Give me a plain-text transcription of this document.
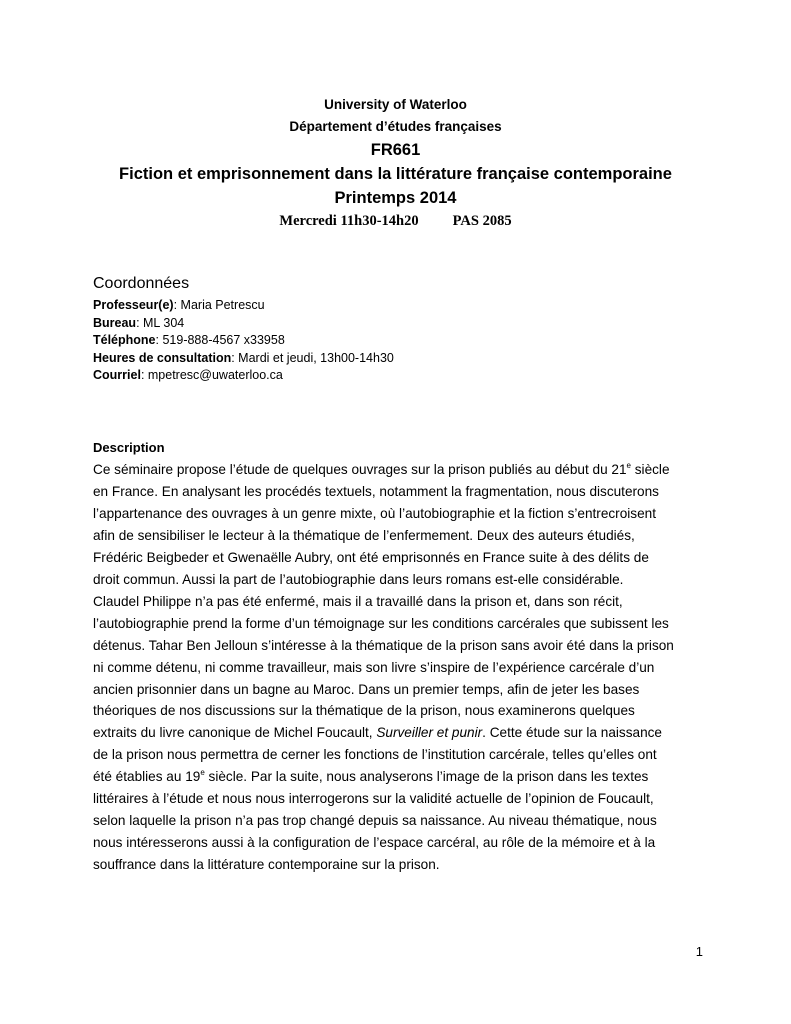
University of Waterloo
Département d’études françaises
FR661
Fiction et emprisonnement dans la littérature française contemporaine
Printemps 2014
Mercredi 11h30-14h20 PAS 2085
Coordonnées
Professeur(e): Maria Petrescu
Bureau: ML 304
Téléphone: 519-888-4567 x33958
Heures de consultation: Mardi et jeudi, 13h00-14h30
Courriel: mpetresc@uwaterloo.ca
Description
Ce séminaire propose l’étude de quelques ouvrages sur la prison publiés au début du 21e siècle
en France. En analysant les procédés textuels, notamment la fragmentation, nous discuterons
l’appartenance des ouvrages à un genre mixte, où l’autobiographie et la fiction s’entrecroisent
afin de sensibiliser le lecteur à la thématique de l’enfermement. Deux des auteurs étudiés,
Frédéric Beigbeder et Gwenaëlle Aubry, ont été emprisonnés en France suite à des délits de
droit commun. Aussi la part de l’autobiographie dans leurs romans est-elle considérable.
Claudel Philippe n’a pas été enfermé, mais il a travaillé dans la prison et, dans son récit,
l’autobiographie prend la forme d’un témoignage sur les conditions carcérales que subissent les
détenus. Tahar Ben Jelloun s’intéresse à la thématique de la prison sans avoir été dans la prison
ni comme détenu, ni comme travailleur, mais son livre s’inspire de l’expérience carcérale d’un
ancien prisonnier dans un bagne au Maroc. Dans un premier temps, afin de jeter les bases
théoriques de nos discussions sur la thématique de la prison, nous examinerons quelques
extraits du livre canonique de Michel Foucault, Surveiller et punir. Cette étude sur la naissance
de la prison nous permettra de cerner les fonctions de l’institution carcérale, telles qu’elles ont
été établies au 19e siècle. Par la suite, nous analyserons l’image de la prison dans les textes
littéraires à l’étude et nous nous interrogerons sur la validité actuelle de l’opinion de Foucault,
selon laquelle la prison n’a pas trop changé depuis sa naissance. Au niveau thématique, nous
nous intéresserons aussi à la configuration de l’espace carcéral, au rôle de la mémoire et à la
souffrance dans la littérature contemporaine sur la prison.
1
